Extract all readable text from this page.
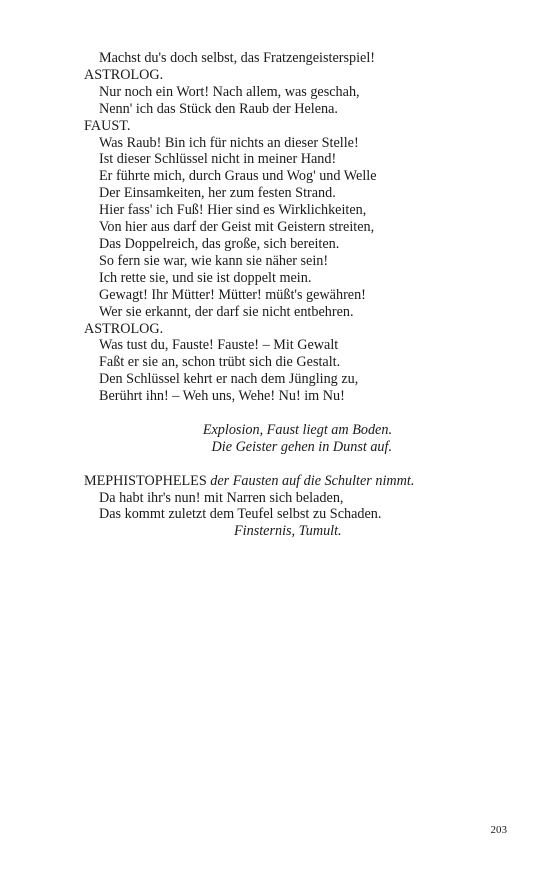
Machst du's doch selbst, das Fratzengeisterspiel!
ASTROLOG.
Nur noch ein Wort! Nach allem, was geschah,
Nenn' ich das Stück den Raub der Helena.
FAUST.
Was Raub! Bin ich für nichts an dieser Stelle!
Ist dieser Schlüssel nicht in meiner Hand!
Er führte mich, durch Graus und Wog' und Welle
Der Einsamkeiten, her zum festen Strand.
Hier fass' ich Fuß! Hier sind es Wirklichkeiten,
Von hier aus darf der Geist mit Geistern streiten,
Das Doppelreich, das große, sich bereiten.
So fern sie war, wie kann sie näher sein!
Ich rette sie, und sie ist doppelt mein.
Gewagt! Ihr Mütter! Mütter! müßt's gewähren!
Wer sie erkannt, der darf sie nicht entbehren.
ASTROLOG.
Was tust du, Fauste! Fauste! – Mit Gewalt
Faßt er sie an, schon trübt sich die Gestalt.
Den Schlüssel kehrt er nach dem Jüngling zu,
Berührt ihn! – Weh uns, Wehe! Nu! im Nu!
Explosion, Faust liegt am Boden.
Die Geister gehen in Dunst auf.
MEPHISTOPHELES der Fausten auf die Schulter nimmt.
Da habt ihr's nun! mit Narren sich beladen,
Das kommt zuletzt dem Teufel selbst zu Schaden.
Finsternis, Tumult.
203
